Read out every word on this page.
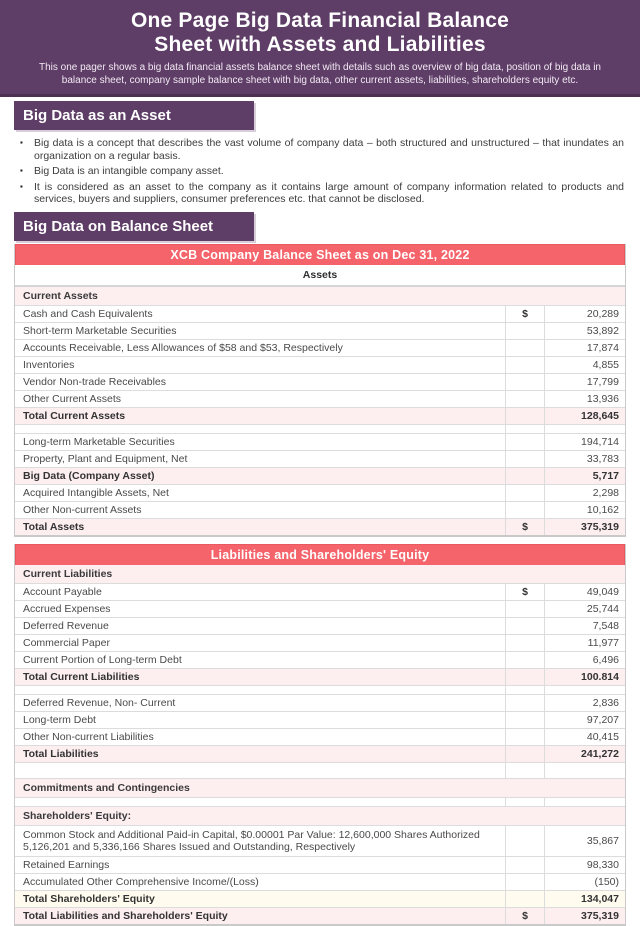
One Page Big Data Financial Balance
Sheet with Assets and Liabilities
This one pager shows a big data financial assets balance sheet with details such as overview of big data, position of big data in balance sheet, company sample balance sheet with big data, other current assets, liabilities, shareholders equity etc.
Big Data as an Asset
▪ Big data is a concept that describes the vast volume of company data – both structured and unstructured – that inundates an organization on a regular basis.
▪ Big Data is an intangible company asset.
▪ It is considered as an asset to the company as it contains large amount of company information related to products and services, buyers and suppliers, consumer preferences etc. that cannot be disclosed.
Big Data on Balance Sheet
XCB Company Balance Sheet as on Dec 31, 2022
Assets
Current Assets
Cash and Cash Equivalents	$	20,289
Short-term Marketable Securities	53,892
Accounts Receivable, Less Allowances of $58 and $53, Respectively	17,874
Inventories	4,855
Vendor Non-trade Receivables	17,799
Other Current Assets	13,936
Total Current Assets	128,645
Long-term Marketable Securities	194,714
Property, Plant and Equipment, Net	33,783
Big Data (Company Asset)	5,717
Acquired Intangible Assets, Net	2,298
Other Non-current Assets	10,162
Total Assets	$	375,319
Liabilities and Shareholders' Equity
Current Liabilities
Account Payable	$	49,049
Accrued Expenses	25,744
Deferred Revenue	7,548
Commercial Paper	11,977
Current Portion of Long-term Debt	6,496
Total Current Liabilities	100.814
Deferred Revenue, Non- Current	2,836
Long-term Debt	97,207
Other Non-current Liabilities	40,415
Total Liabilities	241,272
Commitments and Contingencies
Shareholders' Equity:
Common Stock and Additional Paid-in Capital, $0.00001 Par Value: 12,600,000 Shares Authorized 5,126,201 and 5,336,166 Shares Issued and Outstanding, Respectively	35,867
Retained Earnings	98,330
Accumulated Other Comprehensive Income/(Loss)	(150)
Total Shareholders' Equity	134,047
Total Liabilities and Shareholders' Equity	$	375,319
